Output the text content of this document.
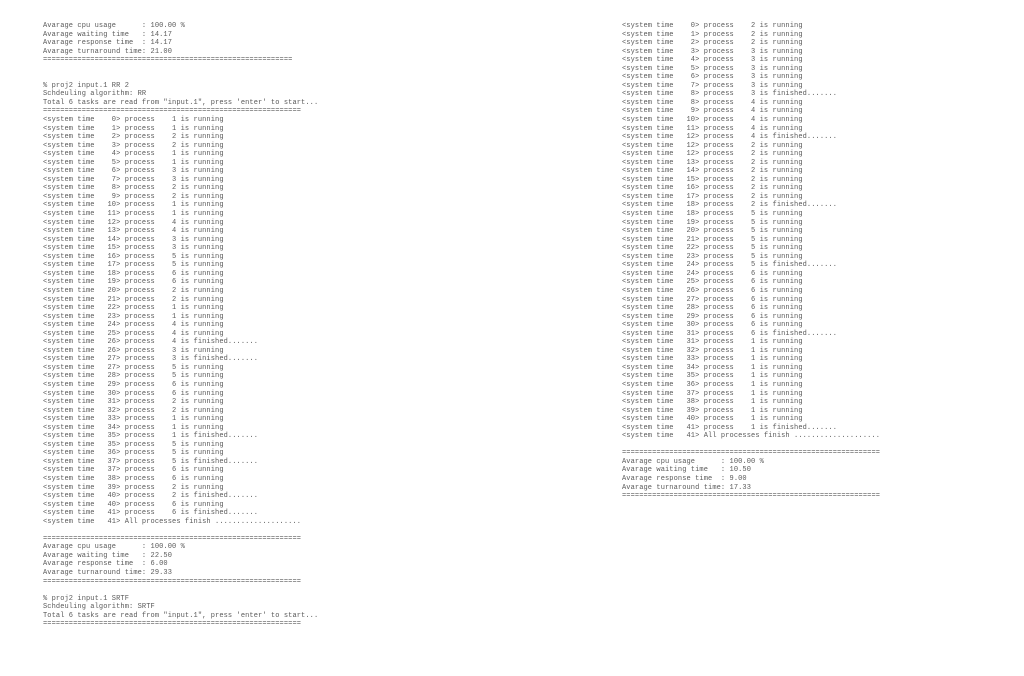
Avarage cpu usage      : 100.00 %
Avarage waiting time   : 14.17
Avarage response time  : 14.17
Avarage turnaround time: 21.00
==========================================================

% proj2 input.1 RR 2
Schdeuling algorithm: RR
Total 6 tasks are read from "input.1", press 'enter' to start...
============================================================
<system time    0> process    1 is running
<system time    1> process    1 is running
<system time    2> process    2 is running
<system time    3> process    2 is running
<system time    4> process    1 is running
<system time    5> process    1 is running
<system time    6> process    3 is running
<system time    7> process    3 is running
<system time    8> process    2 is running
<system time    9> process    2 is running
<system time   10> process    1 is running
<system time   11> process    1 is running
<system time   12> process    4 is running
<system time   13> process    4 is running
<system time   14> process    3 is running
<system time   15> process    3 is running
<system time   16> process    5 is running
<system time   17> process    5 is running
<system time   18> process    6 is running
<system time   19> process    6 is running
<system time   20> process    2 is running
<system time   21> process    2 is running
<system time   22> process    1 is running
<system time   23> process    1 is running
<system time   24> process    4 is running
<system time   25> process    4 is running
<system time   26> process    4 is finished.......
<system time   26> process    3 is running
<system time   27> process    3 is finished.......
<system time   27> process    5 is running
<system time   28> process    5 is running
<system time   29> process    6 is running
<system time   30> process    6 is running
<system time   31> process    2 is running
<system time   32> process    2 is running
<system time   33> process    1 is running
<system time   34> process    1 is running
<system time   35> process    1 is finished.......
<system time   35> process    5 is running
<system time   36> process    5 is running
<system time   37> process    5 is finished.......
<system time   37> process    6 is running
<system time   38> process    6 is running
<system time   39> process    2 is running
<system time   40> process    2 is finished.......
<system time   40> process    6 is running
<system time   41> process    6 is finished.......
<system time   41> All processes finish ....................

============================================================
Avarage cpu usage      : 100.00 %
Avarage waiting time   : 22.50
Avarage response time  : 6.00
Avarage turnaround time: 29.33
============================================================

% proj2 input.1 SRTF
Schdeuling algorithm: SRTF
Total 6 tasks are read from "input.1", press 'enter' to start...
============================================================
<system time    0> process    2 is running
<system time    1> process    2 is running
<system time    2> process    2 is running
<system time    3> process    3 is running
<system time    4> process    3 is running
<system time    5> process    3 is running
<system time    6> process    3 is running
<system time    7> process    3 is running
<system time    8> process    3 is finished.......
<system time    8> process    4 is running
<system time    9> process    4 is running
<system time   10> process    4 is running
<system time   11> process    4 is running
<system time   12> process    4 is finished.......
<system time   12> process    2 is running
<system time   12> process    2 is running
<system time   13> process    2 is running
<system time   14> process    2 is running
<system time   15> process    2 is running
<system time   16> process    2 is running
<system time   17> process    2 is running
<system time   18> process    2 is finished.......
<system time   18> process    5 is running
<system time   19> process    5 is running
<system time   20> process    5 is running
<system time   21> process    5 is running
<system time   22> process    5 is running
<system time   23> process    5 is running
<system time   24> process    5 is finished.......
<system time   24> process    6 is running
<system time   25> process    6 is running
<system time   26> process    6 is running
<system time   27> process    6 is running
<system time   28> process    6 is running
<system time   29> process    6 is running
<system time   30> process    6 is running
<system time   31> process    6 is finished.......
<system time   31> process    1 is running
<system time   32> process    1 is running
<system time   33> process    1 is running
<system time   34> process    1 is running
<system time   35> process    1 is running
<system time   36> process    1 is running
<system time   37> process    1 is running
<system time   38> process    1 is running
<system time   39> process    1 is running
<system time   40> process    1 is running
<system time   41> process    1 is finished.......
<system time   41> All processes finish ....................

============================================================
Avarage cpu usage      : 100.00 %
Avarage waiting time   : 10.50
Avarage response time  : 9.00
Avarage turnaround time: 17.33
============================================================
